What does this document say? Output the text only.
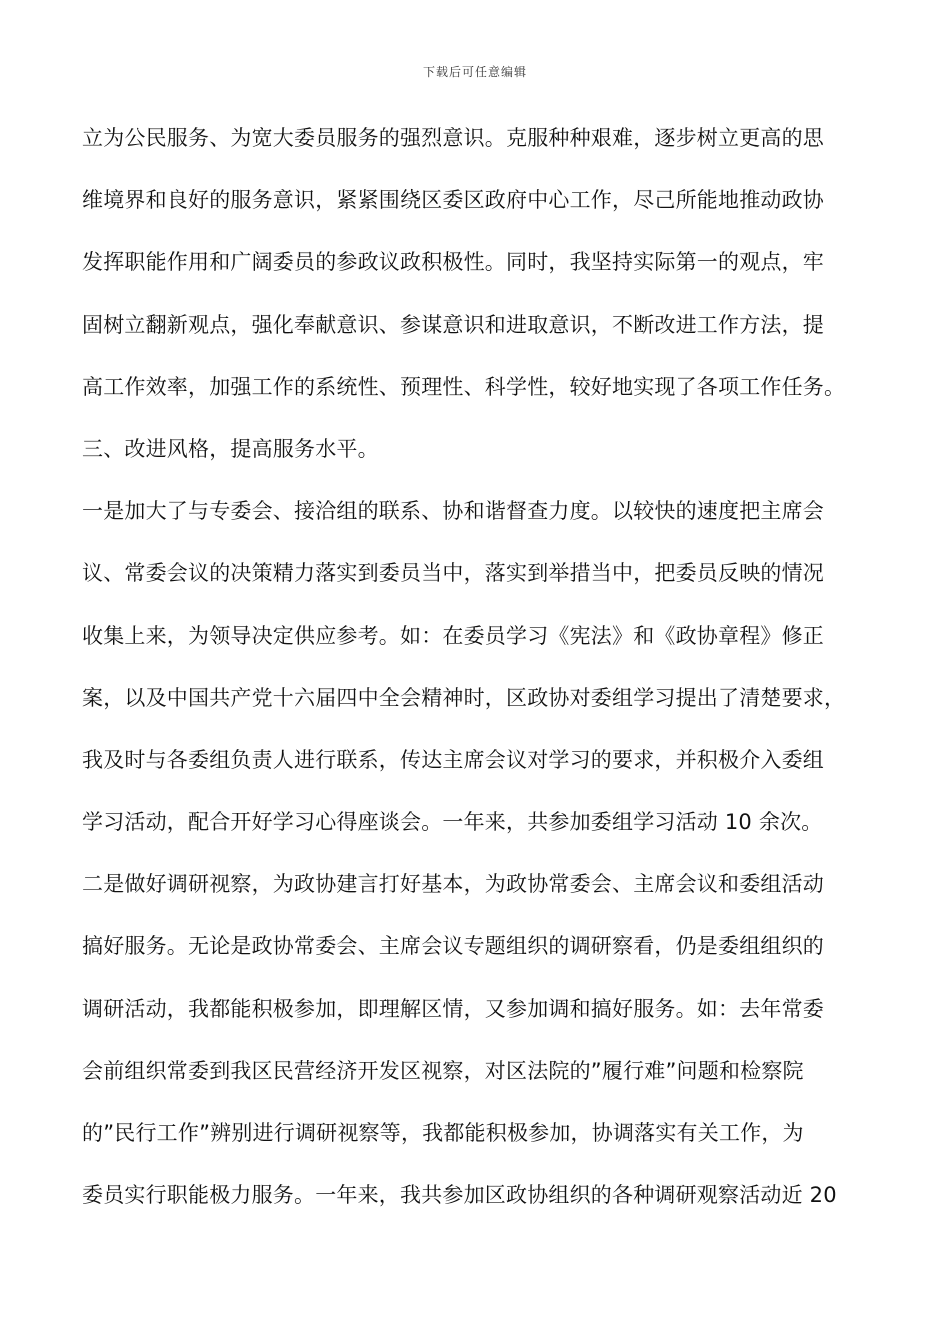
下载后可任意编辑
立为公民服务、为宽大委员服务的强烈意识。克服种种艰难，逐步树立更高的思
维境界和良好的服务意识，紧紧围绕区委区政府中心工作，尽己所能地推动政协
发挥职能作用和广阔委员的参政议政积极性。同时，我坚持实际第一的观点，牢
固树立翻新观点，强化奉献意识、参谋意识和进取意识，不断改进工作方法，提
高工作效率，加强工作的系统性、预理性、科学性，较好地实现了各项工作任务。
三、改进风格，提高服务水平。
一是加大了与专委会、接洽组的联系、协和谐督查力度。以较快的速度把主席会
议、常委会议的决策精力落实到委员当中，落实到举措当中，把委员反映的情况
收集上来，为领导决定供应参考。如：在委员学习《宪法》和《政协章程》修正
案，以及中国共产党十六届四中全会精神时，区政协对委组学习提出了清楚要求，
我及时与各委组负责人进行联系，传达主席会议对学习的要求，并积极介入委组
学习活动，配合开好学习心得座谈会。一年来，共参加委组学习活动 10 余次。
二是做好调研视察，为政协建言打好基本，为政协常委会、主席会议和委组活动
搞好服务。无论是政协常委会、主席会议专题组织的调研察看，仍是委组组织的
调研活动，我都能积极参加，即理解区情，又参加调和搞好服务。如：去年常委
会前组织常委到我区民营经济开发区视察，对区法院的”履行难”问题和检察院
的”民行工作”辨别进行调研视察等，我都能积极参加，协调落实有关工作，为
委员实行职能极力服务。一年来，我共参加区政协组织的各种调研观察活动近 20
